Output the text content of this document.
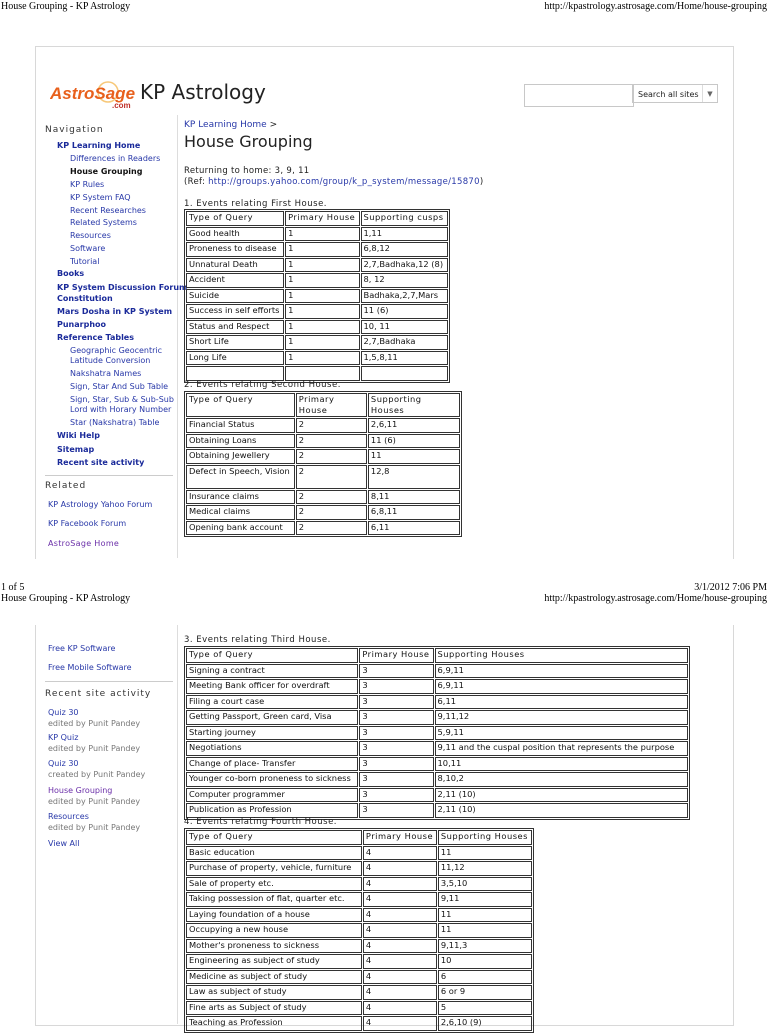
House Grouping - KP Astrology	http://kpastrology.astrosage.com/Home/house-grouping
1 of 5	3/1/2012 7:06 PM
House Grouping - KP Astrology	http://kpastrology.astrosage.com/Home/house-grouping
AstroSage
.com
KP Astrology	Search all sites	▼
Navigation
KP Learning Home
Differences in Readers
House Grouping
KP Rules
KP System FAQ
Recent Researches
Related Systems
Resources
Software
Tutorial
Books
KP System Discussion Forum
Constitution
Mars Dosha in KP System
Punarphoo
Reference Tables
Geographic Geocentric
Latitude Conversion
Nakshatra Names
Sign, Star And Sub Table
Sign, Star, Sub & Sub-Sub
Lord with Horary Number
Star (Nakshatra) Table
Wiki Help
Sitemap
Recent site activity
Related
KP Astrology Yahoo Forum
KP Facebook Forum
AstroSage Home
Free KP Software
Free Mobile Software
Recent site activity
Quiz 30
edited by Punit Pandey
KP Quiz
edited by Punit Pandey
Quiz 30
created by Punit Pandey
House Grouping
edited by Punit Pandey
Resources
edited by Punit Pandey
View All
KP Learning Home >
House Grouping
Returning to home: 3, 9, 11
(Ref: http://groups.yahoo.com/group/k_p_system/message/15870)
1. Events relating First House.
Type of Query	Primary House	Supporting cusps
Good health	1	1,11
Proneness to disease	1	6,8,12
Unnatural Death	1	2,7,Badhaka,12 (8)
Accident	1	8, 12
Suicide	1	Badhaka,2,7,Mars
Success in self efforts	1	11 (6)
Status and Respect	1	10, 11
Short Life	1	2,7,Badhaka
Long Life	1	1,5,8,11

2. Events relating Second House.
Type of Query	Primary House	Supporting Houses
Financial Status	2	2,6,11
Obtaining Loans	2	11 (6)
Obtaining Jewellery	2	11
Defect in Speech, Vision	2	12,8
Insurance claims	2	8,11
Medical claims	2	6,8,11
Opening bank account	2	6,11
3. Events relating Third House.
Type of Query	Primary House	Supporting Houses
Signing a contract	3	6,9,11
Meeting Bank officer for overdraft	3	6,9,11
Filing a court case	3	6,11
Getting Passport, Green card, Visa	3	9,11,12
Starting journey	3	5,9,11
Negotiations	3	9,11 and the cuspal position that represents the purpose
Change of place- Transfer	3	10,11
Younger co-born proneness to sickness	3	8,10,2
Computer programmer	3	2,11 (10)
Publication as Profession	3	2,11 (10)
4. Events relating Fourth House.
Type of Query	Primary House	Supporting Houses
Basic education	4	11
Purchase of property, vehicle, furniture	4	11,12
Sale of property etc.	4	3,5,10
Taking possession of flat, quarter etc.	4	9,11
Laying foundation of a house	4	11
Occupying a new house	4	11
Mother's proneness to sickness	4	9,11,3
Engineering as subject of study	4	10
Medicine as subject of study	4	6
Law as subject of study	4	6 or 9
Fine arts as Subject of study	4	5
Teaching as Profession	4	2,6,10 (9)
